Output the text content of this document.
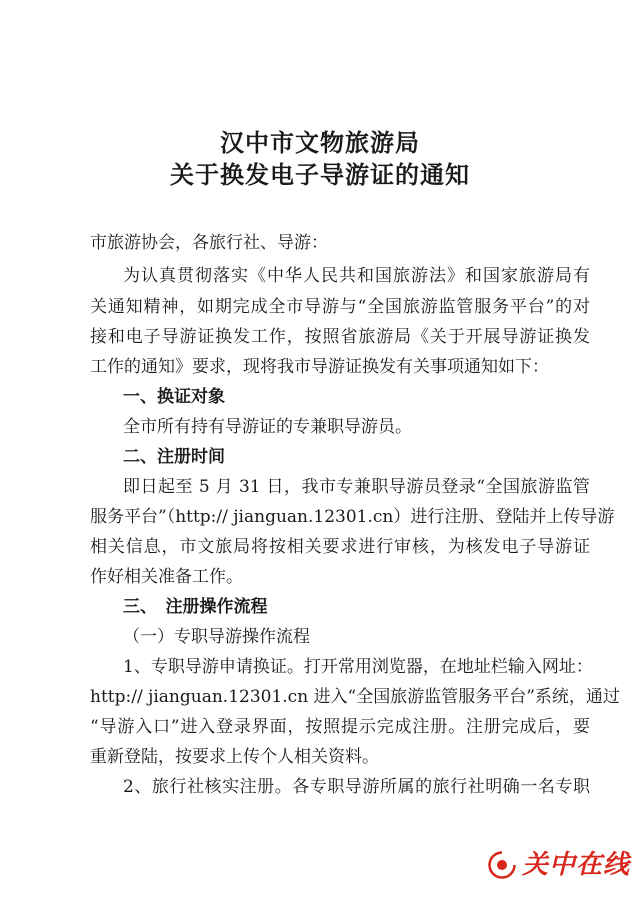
汉中市文物旅游局
关于换发电子导游证的通知
市旅游协会，各旅行社、导游：
为认真贯彻落实《中华人民共和国旅游法》和国家旅游局有
关通知精神，如期完成全市导游与“全国旅游监管服务平台”的对
接和电子导游证换发工作，按照省旅游局《关于开展导游证换发
工作的通知》要求，现将我市导游证换发有关事项通知如下：
一、换证对象
全市所有持有导游证的专兼职导游员。
二、注册时间
即日起至 5 月 31 日，我市专兼职导游员登录“全国旅游监管
服务平台”（http:// jianguan.12301.cn）进行注册、登陆并上传导游
相关信息，市文旅局将按相关要求进行审核，为核发电子导游证
作好相关准备工作。
三、　注册操作流程
（一）专职导游操作流程
1、专职导游申请换证。打开常用浏览器，在地址栏输入网址：
http:// jianguan.12301.cn 进入“全国旅游监管服务平台”系统，通过
“导游入口”进入登录界面，按照提示完成注册。注册完成后，要
重新登陆，按要求上传个人相关资料。
2、旅行社核实注册。各专职导游所属的旅行社明确一名专职
关中在线
